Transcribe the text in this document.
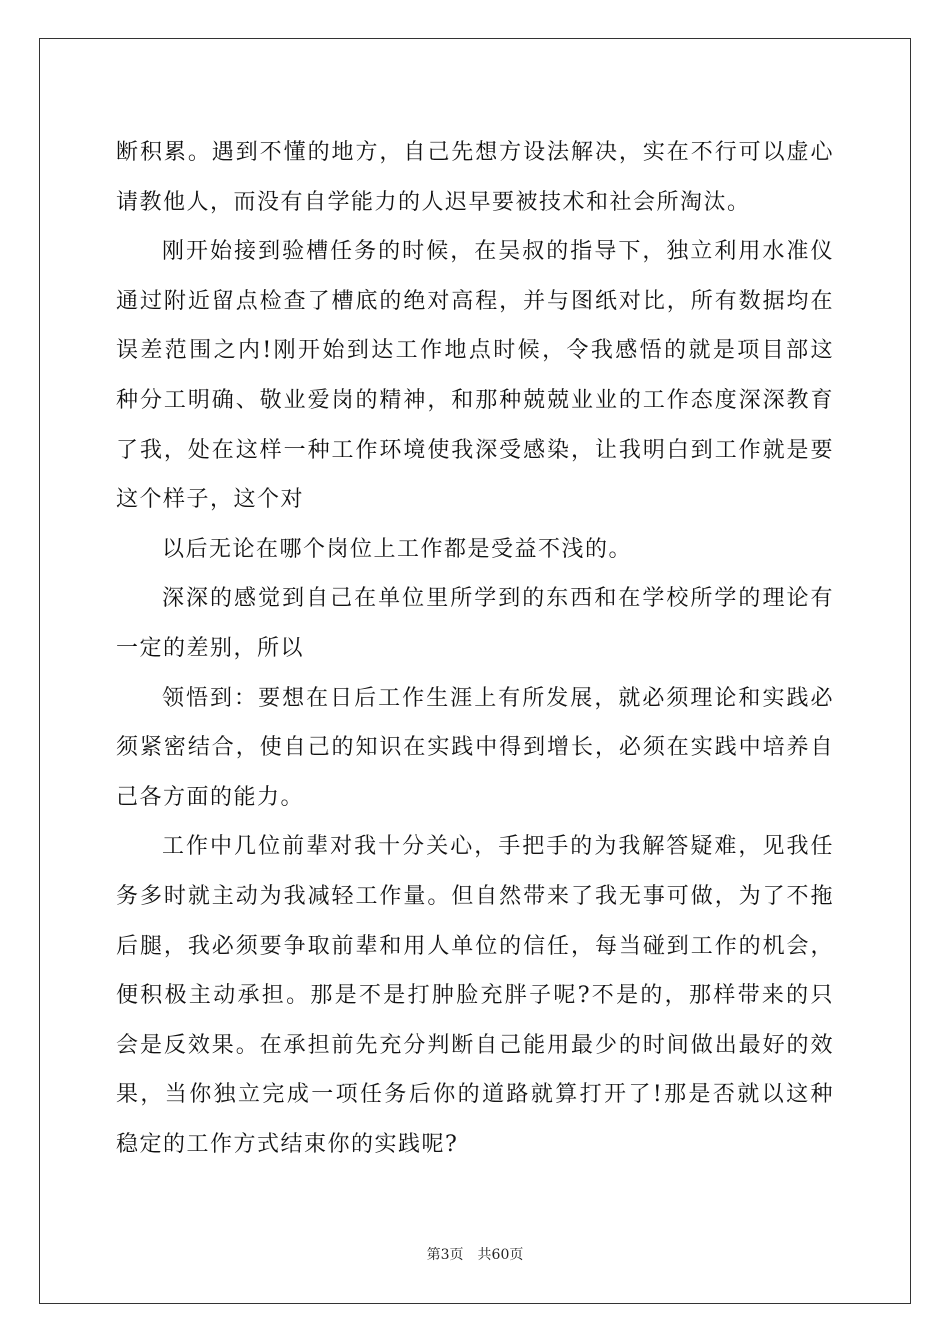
断积累。遇到不懂的地方，自己先想方设法解决，实在不行可以虚心
请教他人，而没有自学能力的人迟早要被技术和社会所淘汰。
刚开始接到验槽任务的时候，在吴叔的指导下，独立利用水准仪
通过附近留点检查了槽底的绝对高程，并与图纸对比，所有数据均在
误差范围之内!刚开始到达工作地点时候，令我感悟的就是项目部这
种分工明确、敬业爱岗的精神，和那种兢兢业业的工作态度深深教育
了我，处在这样一种工作环境使我深受感染，让我明白到工作就是要
这个样子，这个对
以后无论在哪个岗位上工作都是受益不浅的。
深深的感觉到自己在单位里所学到的东西和在学校所学的理论有
一定的差别，所以
领悟到：要想在日后工作生涯上有所发展，就必须理论和实践必
须紧密结合，使自己的知识在实践中得到增长，必须在实践中培养自
己各方面的能力。
工作中几位前辈对我十分关心，手把手的为我解答疑难，见我任
务多时就主动为我减轻工作量。但自然带来了我无事可做，为了不拖
后腿，我必须要争取前辈和用人单位的信任，每当碰到工作的机会，
便积极主动承担。那是不是打肿脸充胖子呢?不是的，那样带来的只
会是反效果。在承担前先充分判断自己能用最少的时间做出最好的效
果，当你独立完成一项任务后你的道路就算打开了!那是否就以这种
稳定的工作方式结束你的实践呢?
第3页 共60页
